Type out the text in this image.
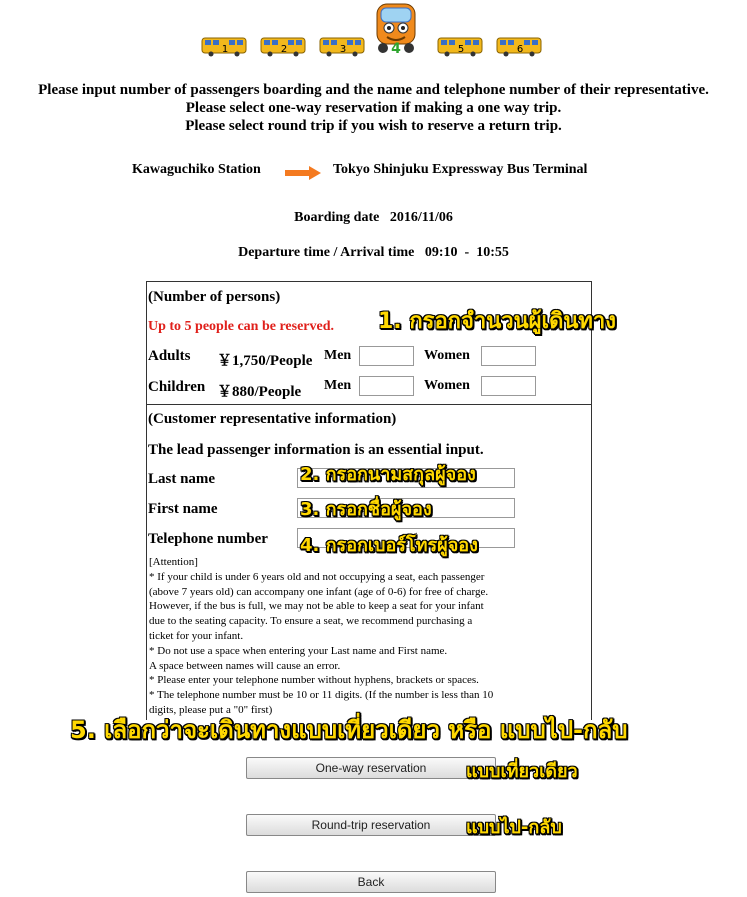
1	2	3	4	5	6
Please input number of passengers boarding and the name and telephone number of their representative.
Please select one-way reservation if making a one way trip.
Please select round trip if you wish to reserve a return trip.
Kawaguchiko Station	Tokyo Shinjuku Expressway Bus Terminal
Boarding date 2016/11/06
Departure time / Arrival time 09:10 - 10:55
(Number of persons)
Up to 5 people can be reserved.
Adults ￥1,750/People Men	Women
Children ￥880/People Men	Women
(Customer representative information)
The lead passenger information is an essential input.
Last name
First name
Telephone number
[Attention]
* If your child is under 6 years old and not occupying a seat, each passenger
(above 7 years old) can accompany one infant (age of 0-6) for free of charge.
However, if the bus is full, we may not be able to keep a seat for your infant
due to the seating capacity. To ensure a seat, we recommend purchasing a
ticket for your infant.
* Do not use a space when entering your Last name and First name.
A space between names will cause an error.
* Please enter your telephone number without hyphens, brackets or spaces.
* The telephone number must be 10 or 11 digits. (If the number is less than 10
digits, please put a "0" first)
1. กรอกจำนวนผู้เดินทาง
2. กรอกนามสกุลผู้จอง
3. กรอกชื่อผู้จอง
4. กรอกเบอร์โทรผู้จอง
5. เลือกว่าจะเดินทางแบบเที่ยวเดียว หรือ แบบไป-กลับ
One-way reservation	แบบเที่ยวเดียว
Round-trip reservation	แบบไป-กลับ
Back
